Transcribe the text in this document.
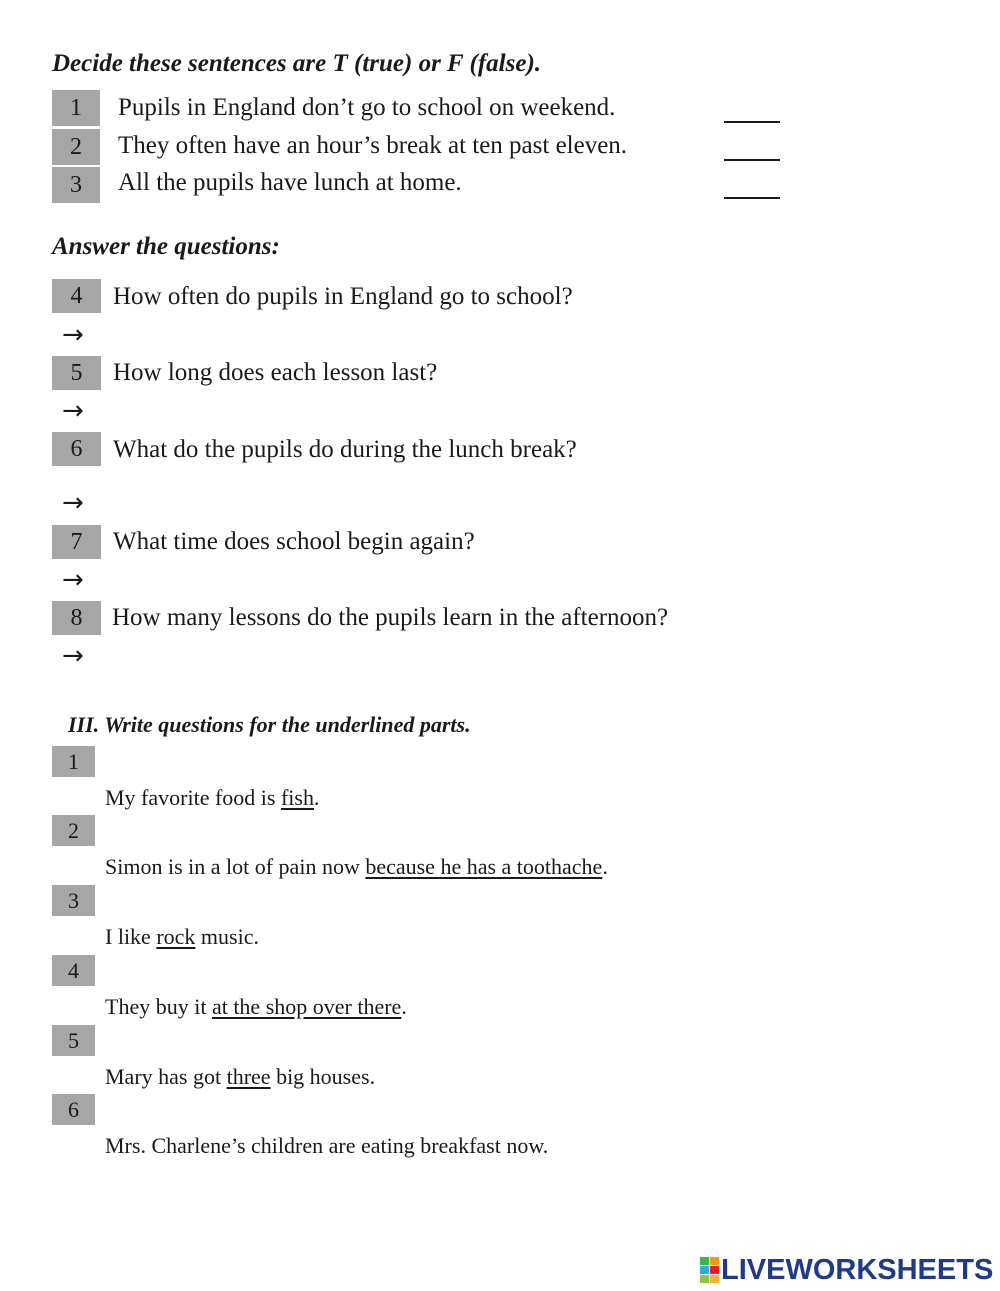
Decide these sentences are T (true) or F (false).
1	Pupils in England don’t go to school on weekend.
2	They often have an hour’s break at ten past eleven.
3	All the pupils have lunch at home.
Answer the questions:
4	How often do pupils in England go to school?
→
5	How long does each lesson last?
→
6	What do the pupils do during the lunch break?
→
7	What time does school begin again?
→
8	How many lessons do the pupils learn in the afternoon?
→
III. Write questions for the underlined parts.
1
My favorite food is fish.
2
Simon is in a lot of pain now because he has a toothache.
3
I like rock music.
4
They buy it at the shop over there.
5
Mary has got three big houses.
6
Mrs. Charlene’s children are eating breakfast now.
LIVEWORKSHEETS
